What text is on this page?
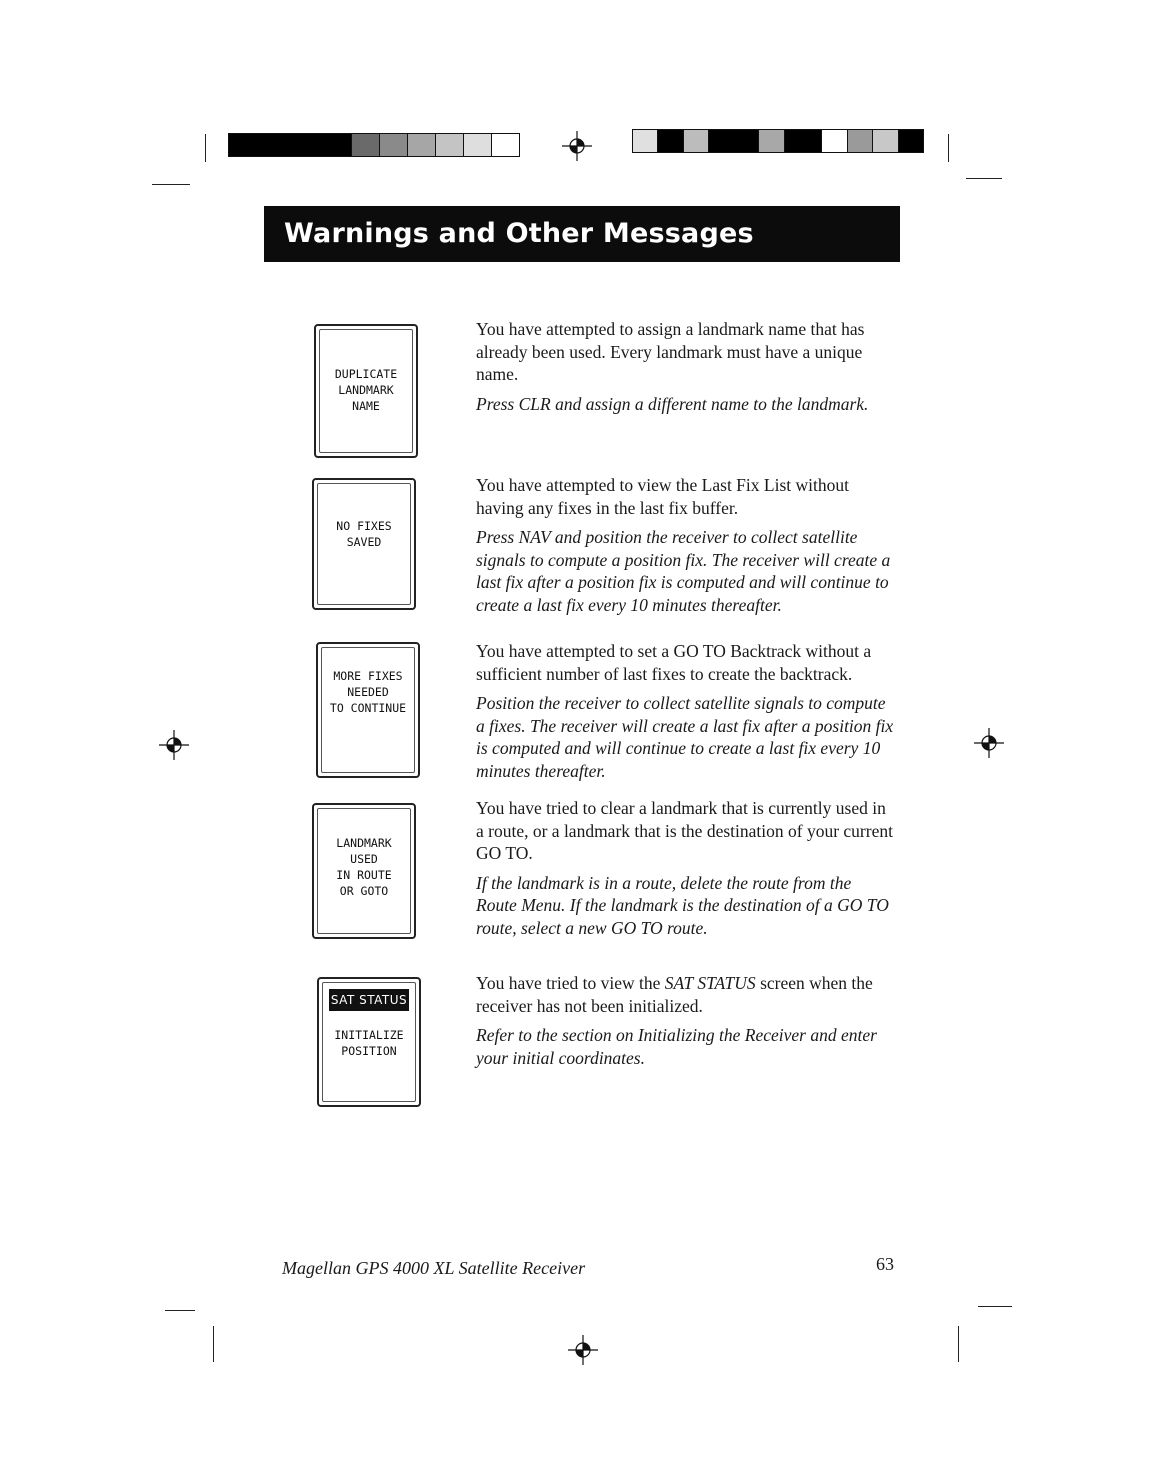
Warnings and Other Messages
DUPLICATE
LANDMARK
NAME

You have attempted to assign a landmark name that has already been used. Every landmark must have a unique name.

Press CLR and assign a different name to the landmark.

NO FIXES
SAVED

You have attempted to view the Last Fix List without having any fixes in the last fix buffer.

Press NAV and position the receiver to collect satellite signals to compute a position fix. The receiver will create a last fix after a position fix is computed and will continue to create a last fix every 10 minutes thereafter.

MORE FIXES
NEEDED
TO CONTINUE

You have attempted to set a GO TO Backtrack without a sufficient number of last fixes to create the backtrack.

Position the receiver to collect satellite signals to compute a fixes. The receiver will create a last fix after a position fix is computed and will continue to create a last fix every 10 minutes thereafter.

LANDMARK
USED
IN ROUTE
OR GOTO

You have tried to clear a landmark that is currently used in a route, or a landmark that is the destination of your current GO TO.

If the landmark is in a route, delete the route from the Route Menu. If the landmark is the destination of a GO TO route, select a new GO TO route.

SAT STATUS
INITIALIZE
POSITION

You have tried to view the SAT STATUS screen when the receiver has not been initialized.

Refer to the section on Initializing the Receiver and enter your initial coordinates.

Magellan GPS 4000 XL Satellite Receiver	63
